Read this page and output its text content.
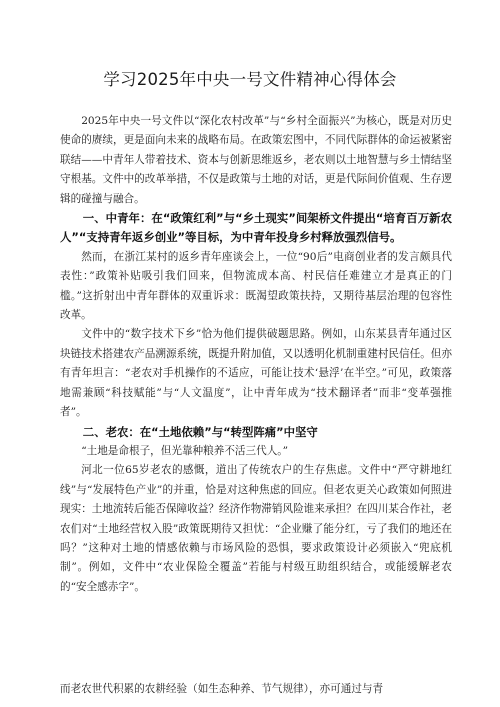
学习2025年中央一号文件精神心得体会

2025年中央一号文件以“深化农村改革”与“乡村全面振兴”为核心，既是对历史使命的赓续，更是面向未来的战略布局。在政策宏图中，不同代际群体的命运被紧密联结——中青年人带着技术、资本与创新思维返乡，老农则以土地智慧与乡土情结坚守根基。文件中的改革举措，不仅是政策与土地的对话，更是代际间价值观、生存逻辑的碰撞与融合。

一、中青年：在“政策红利”与“乡土现实”间架桥文件提出“培育百万新农人”“支持青年返乡创业”等目标，为中青年投身乡村释放强烈信号。

然而，在浙江某村的返乡青年座谈会上，一位“90后”电商创业者的发言颇具代表性：”政策补贴吸引我们回来，但物流成本高、村民信任难建立才是真正的门槛。”这折射出中青年群体的双重诉求：既渴望政策扶持，又期待基层治理的包容性改革。

文件中的“数字技术下乡”恰为他们提供破题思路。例如，山东某县青年通过区块链技术搭建农产品溯源系统，既提升附加值，又以透明化机制重建村民信任。但亦有青年坦言：“老农对手机操作的不适应，可能让技术‘悬浮’在半空。”可见，政策落地需兼顾“科技赋能”与“人文温度”，让中青年成为“技术翻译者”而非“变革强推者”。

二、老农：在“土地依赖”与“转型阵痛”中坚守

“土地是命根子，但光靠种粮养不活三代人。”

河北一位65岁老农的感慨，道出了传统农户的生存焦虑。文件中“严守耕地红线”与“发展特色产业”的并重，恰是对这种焦虑的回应。但老农更关心政策如何照进现实：土地流转后能否保障收益？经济作物滞销风险谁来承担？在四川某合作社，老农们对“土地经营权入股”政策既期待又担忧：“企业赚了能分红，亏了我们的地还在吗？”这种对土地的情感依赖与市场风险的恐惧，要求政策设计必须嵌入“兜底机制”。例如，文件中“农业保险全覆盖”若能与村级互助组织结合，或能缓解老农的“安全感赤字”。

而老农世代积累的农耕经验（如生态种养、节气规律），亦可通过与青
